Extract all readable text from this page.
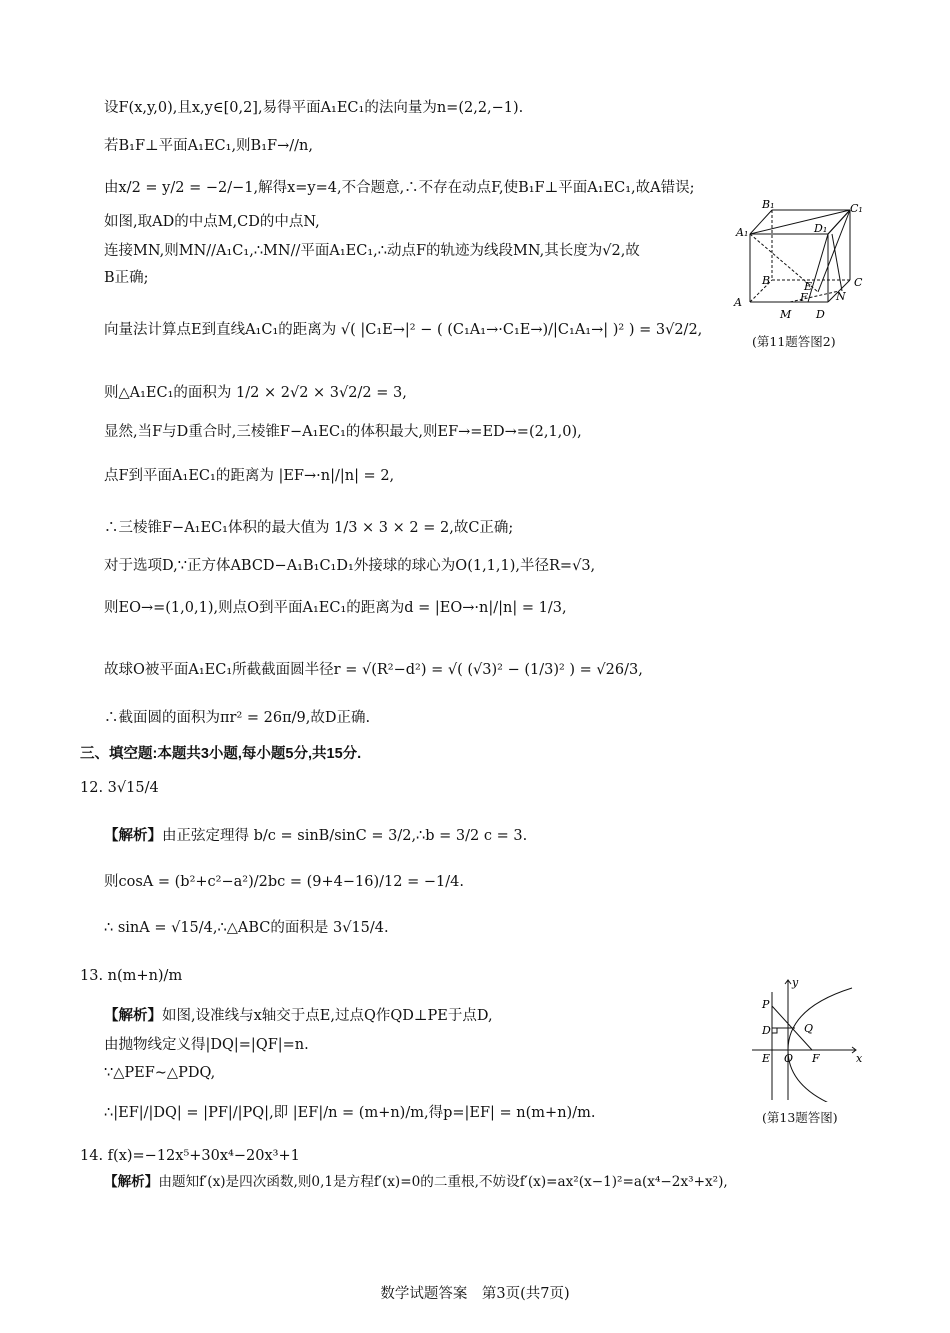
设F(x,y,0),且x,y∈[0,2],易得平面A₁EC₁的法向量为n=(2,2,−1).
若B₁F⊥平面A₁EC₁,则B₁F→//n,
由x/2 = y/2 = −2/−1,解得x=y=4,不合题意,∴不存在动点F,使B₁F⊥平面A₁EC₁,故A错误;
如图,取AD的中点M,CD的中点N,
连接MN,则MN//A₁C₁,∴MN//平面A₁EC₁,∴动点F的轨迹为线段MN,其长度为√2,故
B正确;
向量法计算点E到直线A₁C₁的距离为 √( |C₁E→|² − ( (C₁A₁→·C₁E→)/|C₁A₁→| )² ) = 3√2/2,
则△A₁EC₁的面积为 1/2 × 2√2 × 3√2/2 = 3,
显然,当F与D重合时,三棱锥F−A₁EC₁的体积最大,则EF→=ED→=(2,1,0),
点F到平面A₁EC₁的距离为 |EF→·n|/|n| = 2,
∴三棱锥F−A₁EC₁体积的最大值为 1/3 × 3 × 2 = 2,故C正确;
对于选项D,∵正方体ABCD−A₁B₁C₁D₁外接球的球心为O(1,1,1),半径R=√3,
则EO→=(1,0,1),则点O到平面A₁EC₁的距离为d = |EO→·n|/|n| = 1/3,
故球O被平面A₁EC₁所截截面圆半径r = √(R²−d²) = √( (√3)² − (1/3)² ) = √26/3,
∴截面圆的面积为πr² = 26π/9,故D正确.
三、填空题:本题共3小题,每小题5分,共15分.
12. 3√15/4
【解析】由正弦定理得 b/c = sinB/sinC = 3/2,∴b = 3/2 c = 3.
则cosA = (b²+c²−a²)/2bc = (9+4−16)/12 = −1/4.
∴ sinA = √15/4,∴△ABC的面积是 3√15/4.
13. n(m+n)/m
【解析】如图,设准线与x轴交于点E,过点Q作QD⊥PE于点D,
由抛物线定义得|DQ|=|QF|=n.
∵△PEF∼△PDQ,
∴|EF|/|DQ| = |PF|/|PQ|,即 |EF|/n = (m+n)/m,得p=|EF| = n(m+n)/m.
14. f(x)=−12x⁵+30x⁴−20x³+1
【解析】由题知f′(x)是四次函数,则0,1是方程f′(x)=0的二重根,不妨设f′(x)=ax²(x−1)²=a(x⁴−2x³+x²),
A
B	C
D
A₁
B₁	C₁
D₁
E
F
M
N
(第11题答图2)
y
x
P
D	Q
E O F
(第13题答图)
数学试题答案　第3页(共7页)
